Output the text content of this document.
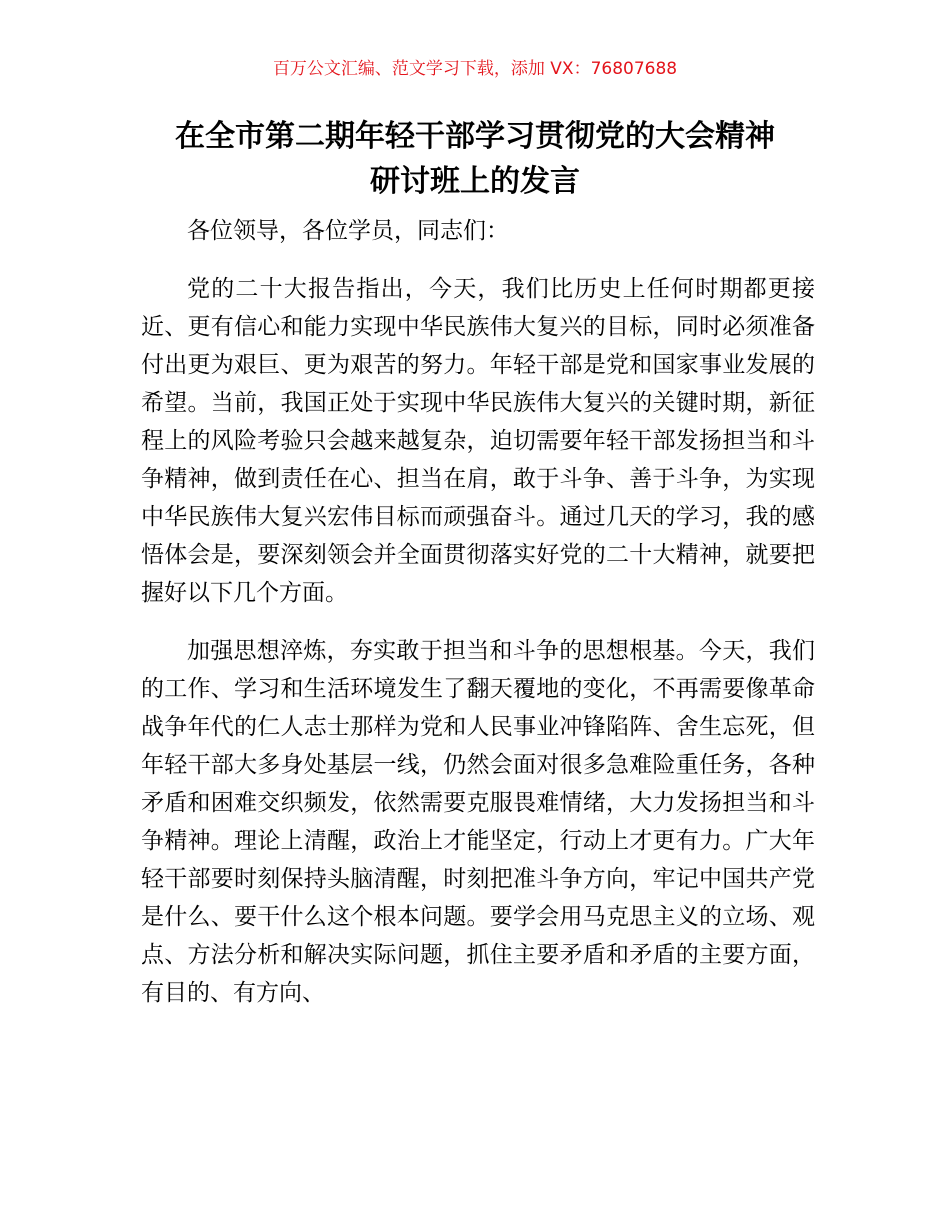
百万公文汇编、范文学习下载，添加 VX：76807688
在全市第二期年轻干部学习贯彻党的大会精神
研讨班上的发言

各位领导，各位学员，同志们：

党的二十大报告指出，今天，我们比历史上任何时期都更接近、更有信心和能力实现中华民族伟大复兴的目标，同时必须准备付出更为艰巨、更为艰苦的努力。年轻干部是党和国家事业发展的希望。当前，我国正处于实现中华民族伟大复兴的关键时期，新征程上的风险考验只会越来越复杂，迫切需要年轻干部发扬担当和斗争精神，做到责任在心、担当在肩，敢于斗争、善于斗争，为实现中华民族伟大复兴宏伟目标而顽强奋斗。通过几天的学习，我的感悟体会是，要深刻领会并全面贯彻落实好党的二十大精神，就要把握好以下几个方面。

加强思想淬炼，夯实敢于担当和斗争的思想根基。今天，我们的工作、学习和生活环境发生了翻天覆地的变化，不再需要像革命战争年代的仁人志士那样为党和人民事业冲锋陷阵、舍生忘死，但年轻干部大多身处基层一线，仍然会面对很多急难险重任务，各种矛盾和困难交织频发，依然需要克服畏难情绪，大力发扬担当和斗争精神。理论上清醒，政治上才能坚定，行动上才更有力。广大年轻干部要时刻保持头脑清醒，时刻把准斗争方向，牢记中国共产党是什么、要干什么这个根本问题。要学会用马克思主义的立场、观点、方法分析和解决实际问题，抓住主要矛盾和矛盾的主要方面，有目的、有方向、
